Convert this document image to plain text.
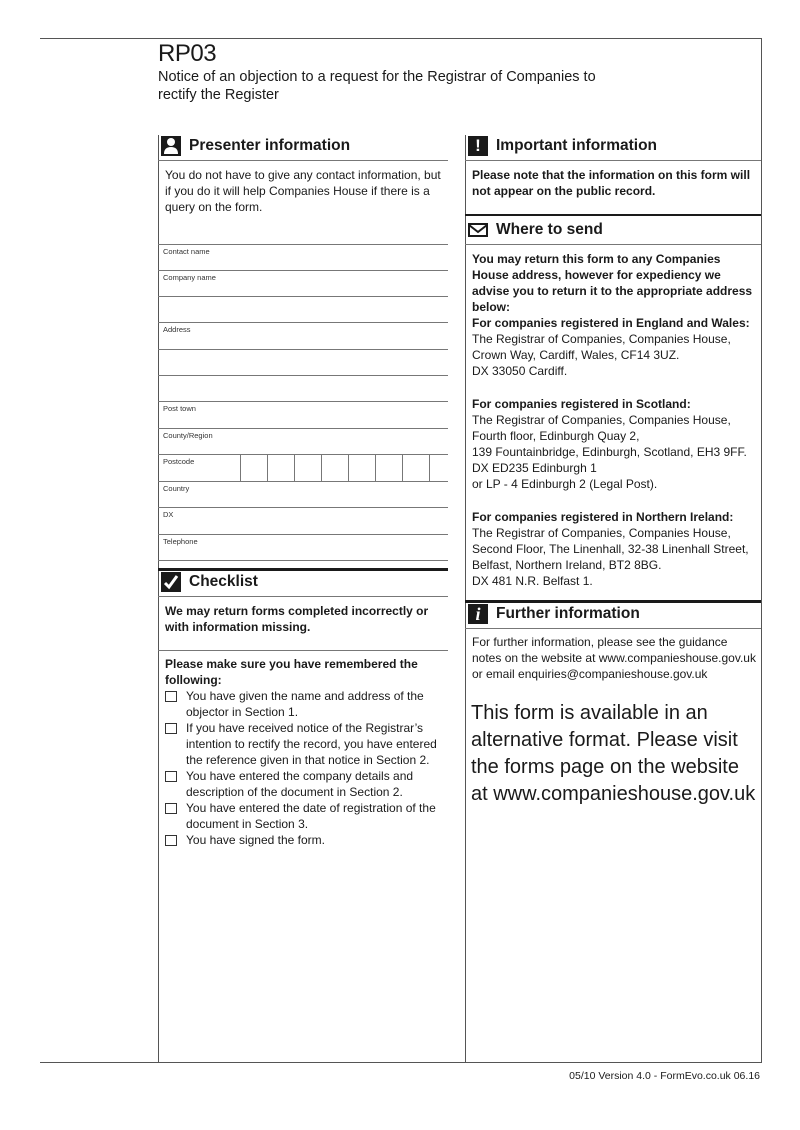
RP03
Notice of an objection to a request for the Registrar of Companies to rectify the Register
Presenter information
You do not have to give any contact information, but if you do it will help Companies House if there is a query on the form.
Contact name
Company name
Address
Post town
County/Region
Postcode
Country
DX
Telephone
Checklist
We may return forms completed incorrectly or with information missing.
Please make sure you have remembered the following:
You have given the name and address of the objector in Section 1.
If you have received notice of the Registrar’s intention to rectify the record, you have entered the reference given in that notice in Section 2.
You have entered the company details and description of the document in Section 2.
You have entered the date of registration of the document in Section 3.
You have signed the form.
! Important information
Please note that the information on this form will not appear on the public record.
Where to send
You may return this form to any Companies House address, however for expediency we advise you to return it to the appropriate address below:
For companies registered in England and Wales:
The Registrar of Companies, Companies House,
Crown Way, Cardiff, Wales, CF14 3UZ.
DX 33050 Cardiff.
For companies registered in Scotland:
The Registrar of Companies, Companies House,
Fourth floor, Edinburgh Quay 2,
139 Fountainbridge, Edinburgh, Scotland, EH3 9FF.
DX ED235 Edinburgh 1
or LP - 4 Edinburgh 2 (Legal Post).
For companies registered in Northern Ireland:
The Registrar of Companies, Companies House,
Second Floor, The Linenhall, 32-38 Linenhall Street,
Belfast, Northern Ireland, BT2 8BG.
DX 481 N.R. Belfast 1.
i	Further information
For further information, please see the guidance notes on the website at www.companieshouse.gov.uk or email enquiries@companieshouse.gov.uk
This form is available in an alternative format. Please visit the forms page on the website at www.companieshouse.gov.uk
05/10 Version 4.0 - FormEvo.co.uk 06.16
